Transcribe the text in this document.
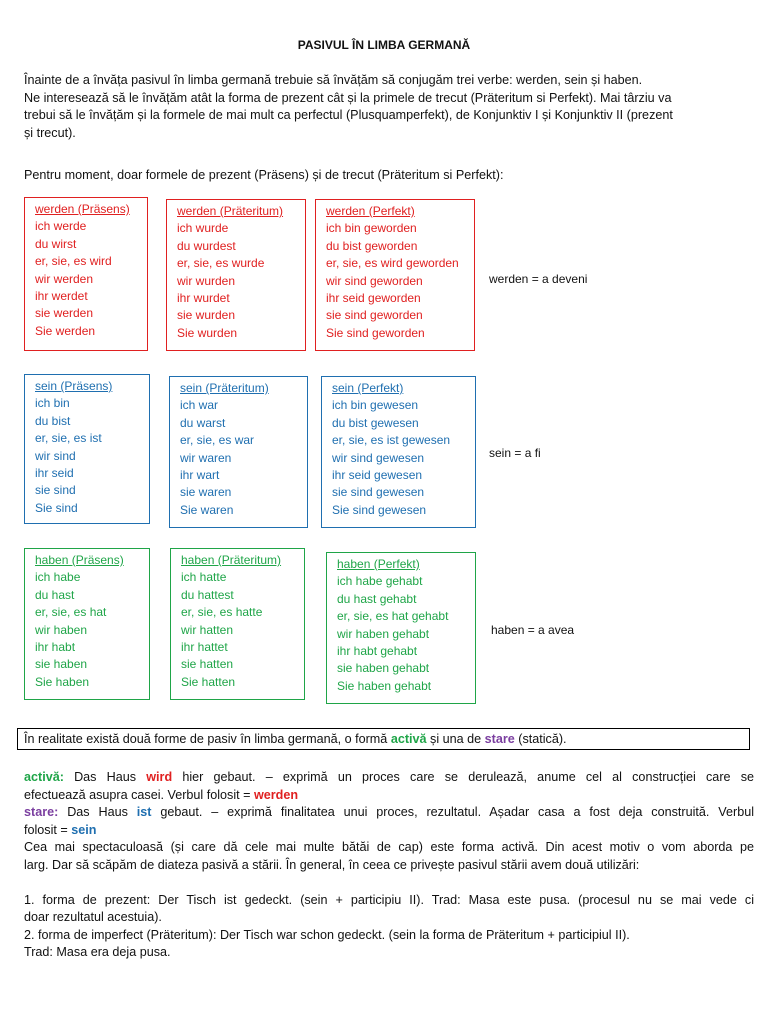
PASIVUL ÎN LIMBA GERMANĂ
Înainte de a învăța pasivul în limba germană trebuie să învățăm să conjugăm trei verbe: werden, sein și haben.
Ne interesează să le învățăm atât la forma de prezent cât și la primele de trecut (Präteritum si Perfekt). Mai târziu va
trebui să le învățăm și la formele de mai mult ca perfectul (Plusquamperfekt), de Konjunktiv I și Konjunktiv II (prezent
și trecut).
Pentru moment, doar formele de prezent (Präsens) și de trecut (Präteritum si Perfekt):
werden (Präsens)
ich werde
du wirst
er, sie, es wird
wir werden
ihr werdet
sie werden
Sie werden
werden (Präteritum)
ich wurde
du wurdest
er, sie, es wurde
wir wurden
ihr wurdet
sie wurden
Sie wurden
werden (Perfekt)
ich bin geworden
du bist geworden
er, sie, es wird geworden
wir sind geworden
ihr seid geworden
sie sind geworden
Sie sind geworden
werden = a deveni
sein (Präsens)
ich bin
du bist
er, sie, es ist
wir sind
ihr seid
sie sind
Sie sind
sein (Präteritum)
ich war
du warst
er, sie, es war
wir waren
ihr wart
sie waren
Sie waren
sein (Perfekt)
ich bin gewesen
du bist gewesen
er, sie, es ist gewesen
wir sind gewesen
ihr seid gewesen
sie sind gewesen
Sie sind gewesen
sein = a fi
haben (Präsens)
ich habe
du hast
er, sie, es hat
wir haben
ihr habt
sie haben
Sie haben
haben (Präteritum)
ich hatte
du hattest
er, sie, es hatte
wir hatten
ihr hattet
sie hatten
Sie hatten
haben (Perfekt)
ich habe gehabt
du hast gehabt
er, sie, es hat gehabt
wir haben gehabt
ihr habt gehabt
sie haben gehabt
Sie haben gehabt
haben = a avea
În realitate există două forme de pasiv în limba germană, o formă activă și una de stare (statică).
activă: Das Haus wird hier gebaut. – exprimă un proces care se derulează, anume cel al construcției care se
efectuează asupra casei. Verbul folosit = werden
stare: Das Haus ist gebaut. – exprimă finalitatea unui proces, rezultatul. Așadar casa a fost deja construită. Verbul
folosit = sein
Cea mai spectaculoasă (și care dă cele mai multe bătăi de cap) este forma activă. Din acest motiv o vom aborda pe
larg. Dar să scăpăm de diateza pasivă a stării. În general, în ceea ce privește pasivul stării avem două utilizări:
1. forma de prezent: Der Tisch ist gedeckt. (sein + participiu II). Trad: Masa este pusa. (procesul nu se mai vede ci
doar rezultatul acestuia).
2. forma de imperfect (Präteritum): Der Tisch war schon gedeckt. (sein la forma de Präteritum + participiul II).
Trad: Masa era deja pusa.
